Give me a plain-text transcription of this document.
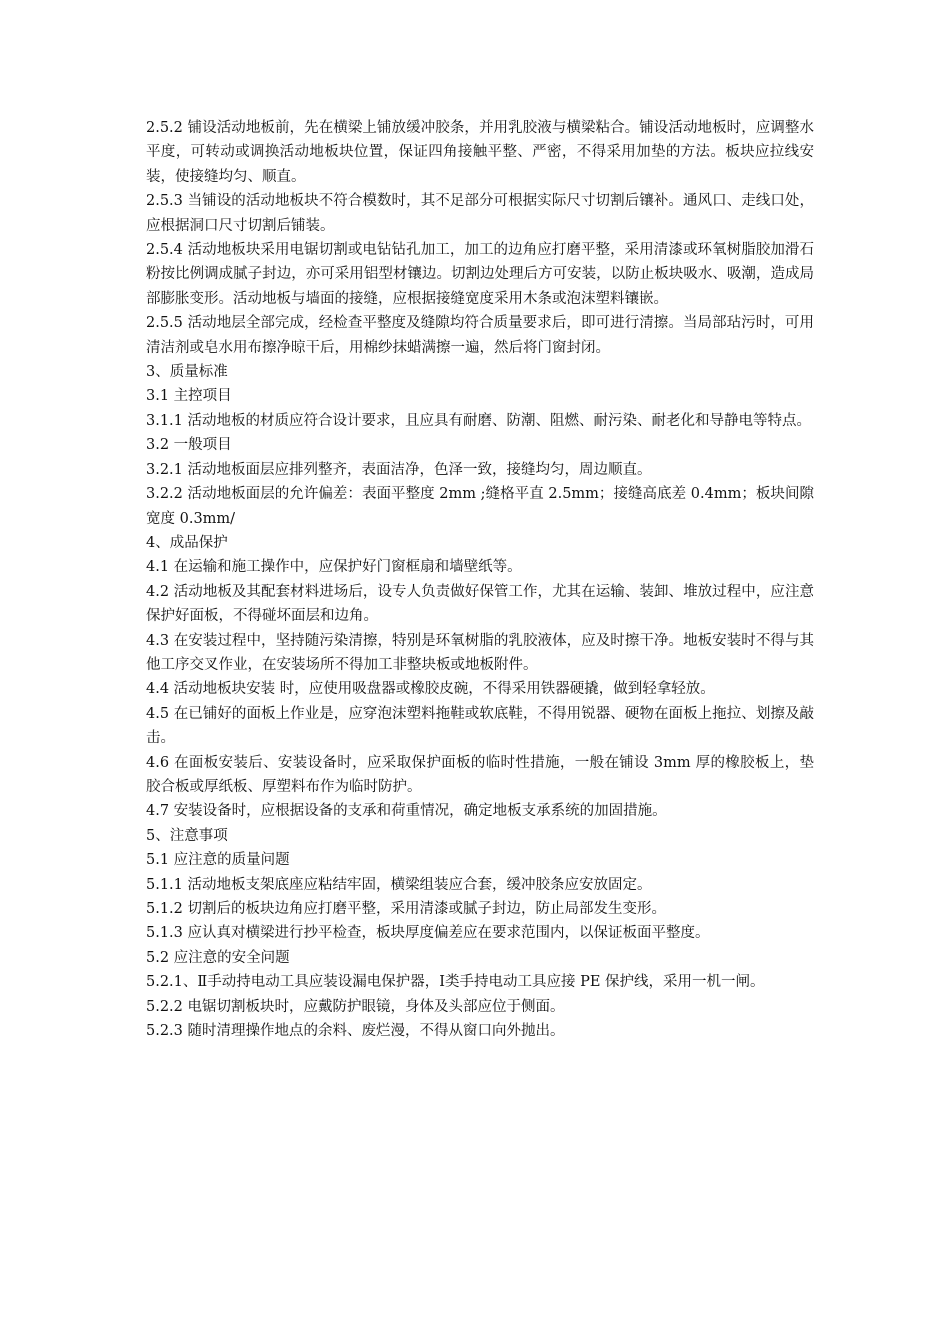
2.5.2 铺设活动地板前，先在横梁上铺放缓冲胶条，并用乳胶液与横梁粘合。铺设活动地板时，应调整水平度，可转动或调换活动地板块位置，保证四角接触平整、严密，不得采用加垫的方法。板块应拉线安装，使接缝均匀、顺直。

2.5.3 当铺设的活动地板块不符合模数时，其不足部分可根据实际尺寸切割后镶补。通风口、走线口处，应根据洞口尺寸切割后铺装。

2.5.4 活动地板块采用电锯切割或电钻钻孔加工，加工的边角应打磨平整，采用清漆或环氧树脂胶加滑石粉按比例调成腻子封边，亦可采用铝型材镶边。切割边处理后方可安装，以防止板块吸水、吸潮，造成局部膨胀变形。活动地板与墙面的接缝，应根据接缝宽度采用木条或泡沫塑料镶嵌。

2.5.5 活动地层全部完成，经检查平整度及缝隙均符合质量要求后，即可进行清擦。当局部玷污时，可用清洁剂或皂水用布擦净晾干后，用棉纱抹蜡满擦一遍，然后将门窗封闭。

3、质量标准

3.1 主控项目

3.1.1 活动地板的材质应符合设计要求，且应具有耐磨、防潮、阻燃、耐污染、耐老化和导静电等特点。

3.2 一般项目

3.2.1 活动地板面层应排列整齐，表面洁净，色泽一致，接缝均匀，周边顺直。

3.2.2 活动地板面层的允许偏差：表面平整度 2mm ;缝格平直 2.5mm；接缝高底差 0.4mm；板块间隙宽度 0.3mm/

4、成品保护

4.1 在运输和施工操作中，应保护好门窗框扇和墙壁纸等。

4.2 活动地板及其配套材料进场后，设专人负责做好保管工作，尤其在运输、装卸、堆放过程中，应注意保护好面板，不得碰坏面层和边角。

4.3 在安装过程中，坚持随污染清擦，特别是环氧树脂的乳胶液体，应及时擦干净。地板安装时不得与其他工序交叉作业，在安装场所不得加工非整块板或地板附件。

4.4 活动地板块安装 时，应使用吸盘器或橡胶皮碗，不得采用铁器硬撬，做到轻拿轻放。

4.5 在已铺好的面板上作业是，应穿泡沫塑料拖鞋或软底鞋，不得用锐器、硬物在面板上拖拉、划擦及敲击。

4.6 在面板安装后、安装设备时，应采取保护面板的临时性措施，一般在铺设 3mm 厚的橡胶板上，垫胶合板或厚纸板、厚塑料布作为临时防护。

4.7 安装设备时，应根据设备的支承和荷重情况，确定地板支承系统的加固措施。

5、注意事项

5.1 应注意的质量问题

5.1.1 活动地板支架底座应粘结牢固，横梁组装应合套，缓冲胶条应安放固定。

5.1.2 切割后的板块边角应打磨平整，采用清漆或腻子封边，防止局部发生变形。

5.1.3 应认真对横梁进行抄平检查，板块厚度偏差应在要求范围内，以保证板面平整度。

5.2 应注意的安全问题

5.2.1、Ⅱ手动持电动工具应装设漏电保护器，Ⅰ类手持电动工具应接 PE 保护线，采用一机一闸。

5.2.2 电锯切割板块时，应戴防护眼镜，身体及头部应位于侧面。

5.2.3 随时清理操作地点的余料、废烂漫，不得从窗口向外抛出。
